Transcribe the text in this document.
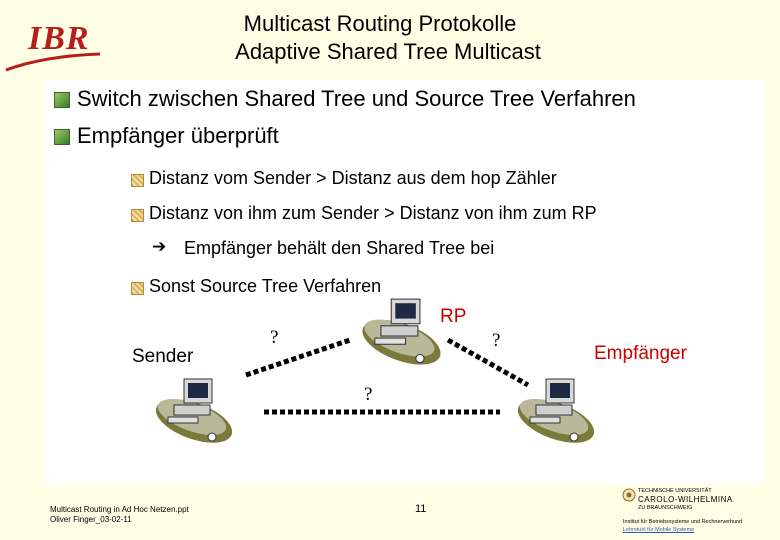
IBR	Multicast Routing Protokolle
Adaptive Shared Tree Multicast
Switch zwischen Shared Tree und Source Tree Verfahren
Empfänger überprüft
Distanz vom Sender > Distanz aus dem hop Zähler
Distanz von ihm zum Sender > Distanz von ihm zum RP
➔ Empfänger behält den Shared Tree bei
Sonst Source Tree Verfahren
Sender
RP
Empfänger
?	?
?
Multicast Routing in Ad Hoc Netzen.ppt
Oliver Finger_03-02-11
11
TECHNISCHE UNIVERSITÄT
CAROLO-WILHELMINA
ZU BRAUNSCHWEIG
Institut für Betriebssysteme und Rechnerverbund
Lehrstuhl für Mobile Systeme
